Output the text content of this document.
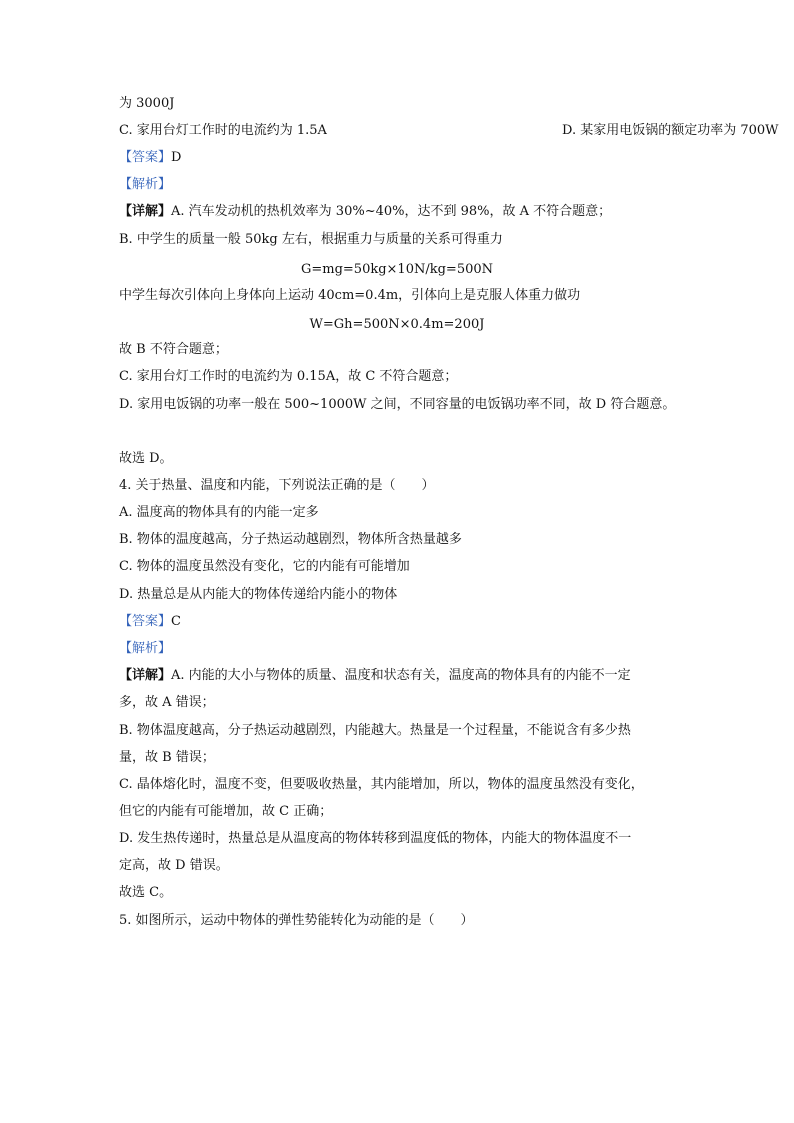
为 3000J

C. 家用台灯工作时的电流约为 1.5A	D. 某家用电饭锅的额定功率为 700W

【答案】D

【解析】

【详解】A. 汽车发动机的热机效率为 30%~40%，达不到 98%，故 A 不符合题意；

B. 中学生的质量一般 50kg 左右，根据重力与质量的关系可得重力

G=mg=50kg×10N/kg=500N

中学生每次引体向上身体向上运动 40cm=0.4m，引体向上是克服人体重力做功

W=Gh=500N×0.4m=200J

故 B 不符合题意；

C. 家用台灯工作时的电流约为 0.15A，故 C 不符合题意；

D. 家用电饭锅的功率一般在 500~1000W 之间，不同容量的电饭锅功率不同，故 D 符合题意。

故选 D。

4. 关于热量、温度和内能，下列说法正确的是（　　）

A. 温度高的物体具有的内能一定多

B. 物体的温度越高，分子热运动越剧烈，物体所含热量越多

C. 物体的温度虽然没有变化，它的内能有可能增加

D. 热量总是从内能大的物体传递给内能小的物体

【答案】C

【解析】

【详解】A. 内能的大小与物体的质量、温度和状态有关，温度高的物体具有的内能不一定

多，故 A 错误；

B. 物体温度越高，分子热运动越剧烈，内能越大。热量是一个过程量，不能说含有多少热

量，故 B 错误；

C. 晶体熔化时，温度不变，但要吸收热量，其内能增加，所以，物体的温度虽然没有变化，

但它的内能有可能增加，故 C 正确；

D. 发生热传递时，热量总是从温度高的物体转移到温度低的物体，内能大的物体温度不一

定高，故 D 错误。

故选 C。

5. 如图所示，运动中物体的弹性势能转化为动能的是（　　）
